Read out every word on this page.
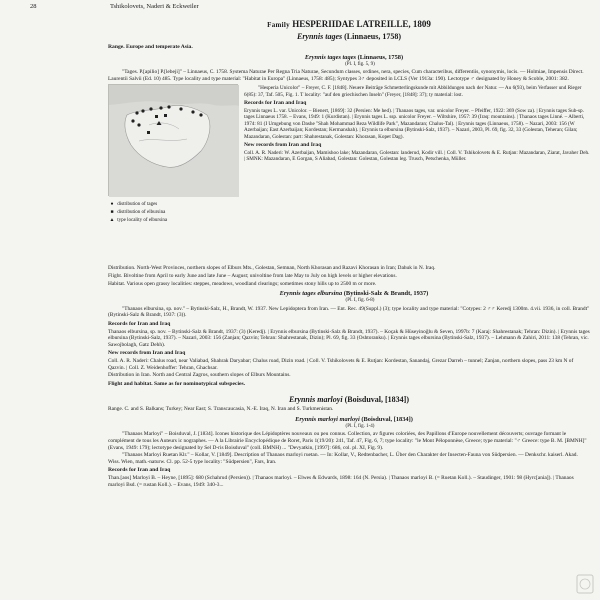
28	Tshikolovets, Naderi & Eckweiler
Family HESPERIIDAE LATREILLE, 1809
Erynnis tages (Linnaeus, 1758)
Range. Europe and temperate Asia.
Erynnis tages tages (Linnaeus, 1758)
(Pl. I, fig. 5, 9)
"Tages. P.[apilio] P.[lebeji]" – Linnaeus, C. 1758. Systema Naturae Per Regna Tria Naturae, Secundum classes, ordines, nera, species, Cum characteribus, differentiis, synonymis, locis. — Holmiae, Impensis Direct. Laurentii Salvii (Ed. 10) 485. Type locality and type material: "Habitat in Europa" (Linnaeus, 1758: 485); Syntypes 3♂ deposited in LCLS (Ver 1913a: 190). Lectotype ♂ designated by Honey & Scoble, 2001: 382.
● distribution of tages
■ distribution of elbursina
▲ type locality of elbursina
"Hesperia Unicolor" – Freyer, C. F. [1848]. Neuere Beiträge Schmetterlingskunde mit Abbildungen nach der Natur. — Au 6(93), beim Verfasser und Rieger 6(85): 37, Taf. 505, Fig. 1. T locality: "auf den griechischen Inseln" (Freyer, [1848]: 37); ty material: lost.
Records for Iran and Iraq
Erynnis tages L. var. Unicolor. – Bienert, [1869]: 32 (Persien: Me hed). | Thanaos tages, var. unicolor Freyer. – Pfeiffer, 1922: 369 (Sow za). | Erynnis tages Sub-sp. tages Linnaeus 1758. – Evans, 1949: 1 (Kurdistan). | Erynnis tages L. ssp. unicolor Freyer. – Wiltshire, 1957: 39 (Iraq: mountains). | Thanaos tages Linné. – Alberti, 1974: 81 (I Umgebung von Dashe "Shah Mohammad Reza Wildlife Park", Mazandaran; Chalus-Tal). | Erynnis tages (Linnaeus, 1758). – Nazari, 2003: 156 (W Azerbaijan; East Azerbaijan; Kordestan; Kermanshah). | Erynnis ta elbursina (Bytinski-Salz, 1937). – Nazari, 2003, Pl. 69, fig. 32, 33 (Golestan, Teheran; Gilan; Mazandaran, Golestan: part: Shahrestanak, Golestan: Khorasan, Kopet Dag).
New records from Iran and Iraq
Coll. A. R. Naderi: W. Azerbaijan, Mamishoo lake; Mazandaran, Golestan: landerud, Kodir vill. | Coll. V. Tshikolovets & E. Rutjan: Mazandaran, Ziarat, Javaher Deh. | SMNK: Mazandaran, E Gorgan, S Aliabad, Golestan: Golestan, Golestan leg. Trusch, Petschenka, Müller.
Distribution. North-West Provinces, northern slopes of Elburs Mts., Golestan, Semnan, North Khorasan and Razavi Khorasan in Iran; Dahuk in N. Iraq.
Flight. Bivoltine from April to early June and late June – August; univoltine from late May to July on high levels or higher elevations.
Habitat. Various open grassy localities: steppes, meadows, woodland clearings; sometimes stony hills up to 2500 m or more.
Erynnis tages elbursina (Bytinski-Salz & Brandt, 1937)
(Pl. I, fig. 6-8)
"Thanaos elbursina, sp. nov." – Bytinski-Salz, H., Brandt, W. 1937. New Lepidoptera from Iran. — Ent. Rec. 49(Suppl.) (3); type locality and type material: "Cotypes: 2 ♂♂ Keredj 1300m. 4.vii. 1936, in coll. Brandt" (Bytinski-Salz & Brandt, 1937: (3)).
Records for Iran and Iraq
Thanaos elbursina, sp. nov. – Bytinski-Salz & Brandt, 1937: (3) (Keredj). | Erynnis elbursina (Bytinski-Salz & Brandt, 1937). – Koçak & Hüseyinoğlu & Seven, 1997b: 7 (Karaj: Shahrestanak; Tehran: Dizin). | Erynnis tages elbursina (Bytinski-Salz, 1937). – Nazari, 2003: 156 (Zanjan; Qazvin; Tehran: Shahrestanak, Dizin); Pl. 69, fig. 33 (Oshtoranku). | Erynnis tages elbursina (Bytinski-Salz, 1937). – Lehmann & Zahiri, 2011: 138 (Tehran, vic. Sawojbolagh, Gatz Dehh).
New records from Iran and Iraq
Coll. A. R. Naderi: Chalus road, near Valiabad, Shahrak Daryabar; Chalus road, Dizin road. | Coll. V. Tshikolovets & E. Rutjan: Kordestan, Sanandaj, Grezar Darreh – tunnel; Zanjan, northern slopes, pass 23 km N of Qazvin. | Coll. Z. Weidenhoffer: Tehran, Ghachsar.
Distribution in Iran. North and Central Zagros, southern slopes of Elburs Mountains.
Flight and habitat. Same as for nominotypical subspecies.
Erynnis marloyi (Boisduval, [1834])
Range. C. and S. Balkans; Turkey; Near East; S. Transcaucasia, N.-E. Iraq, N. Iran and S. Turkmenistan.
Erynnis marloyi marloyi (Boisduval, [1834])
(Pl. I, fig. 1-4)
"Thanaos Marloyi" – Boisduval, J. [1834]. Icones historique des Lépidoptères nouveaux ou peu connus. Collection, av figures coloriées, des Papillons d'Europe nouvellement découverts; ouvrage formant le complément de tous les Auteurs ic nographes. — A la Librairie Encyclopédique de Roret, Paris 1(19/20): 241, Taf. 47, Fig. 6, 7; type locality: "le Mont Péloponnèse, Greece; type material: "♂ Greece: type B. M. [BMNH]" (Evans, 1949: 179); lectotype designated by Sel D-ris Boisduval" (coll. BMNH) ... "Devyatkin, [1997]: 686, col. pl. XI, Fig. 9).
"Thanaos Marloyi Ruetan Klr." – Kollar, V. [1849]. Description of Thanaos marloyi ruetan. — In: Kollar, V., Redtenbacher, L. Über den Charakter der Insecten-Fauna von Südpersien. — Denkschr. kaiserl. Akad. Wiss. Wien, math.-naturw. Cl. pp. 52-5 type locality: "Südpersien", Fars, Iran.
Records for Iran and Iraq
Than.[aos] Marloyi B. – Heyne, [1895]: 680 (Schahrud (Persien)). | Thanaos marloyi. – Elwes & Edwards, 1898: 164 (N. Persia). | Thanaos marloyi B. (= Ruetan Koll.). – Staudinger, 1901: 98 (Hyrc[ania]). | Thanaos marloyi Bsd. (= rustan Koll.). – Evans, 1949: 340-3...
